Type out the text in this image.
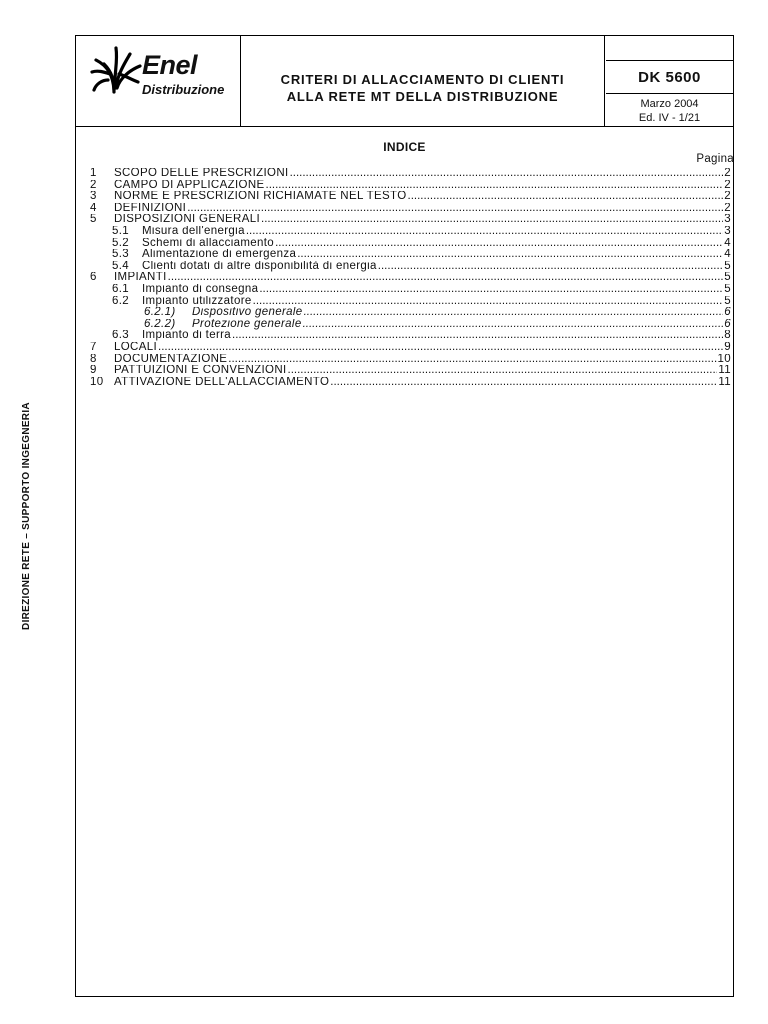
DIREZIONE RETE – SUPPORTO INGEGNERIA
Enel
Distribuzione
CRITERI DI ALLACCIAMENTO DI CLIENTI
ALLA RETE MT DELLA DISTRIBUZIONE
DK 5600
Marzo 2004
Ed. IV - 1/21
INDICE
Pagina
1	SCOPO DELLE PRESCRIZIONI .....	2
2	CAMPO DI APPLICAZIONE .....	2
3	NORME E PRESCRIZIONI RICHIAMATE NEL TESTO .....	2
4	DEFINIZIONI .....	2
5	DISPOSIZIONI GENERALI .....	3
5.1	Misura dell'energia .....	3
5.2	Schemi di allacciamento .....	4
5.3	Alimentazione di emergenza .....	4
5.4	Clienti dotati di altre disponibilità di energia .....	5
6	IMPIANTI .....	5
6.1	Impianto di consegna .....	5
6.2	Impianto utilizzatore .....	5
6.2.1)	Dispositivo generale .....	6
6.2.2)	Protezione generale .....	6
6.3	Impianto di terra .....	8
7	LOCALI .....	9
8	DOCUMENTAZIONE .....	10
9	PATTUIZIONI E CONVENZIONI .....	11
10 ATTIVAZIONE DELL'ALLACCIAMENTO .....	11
